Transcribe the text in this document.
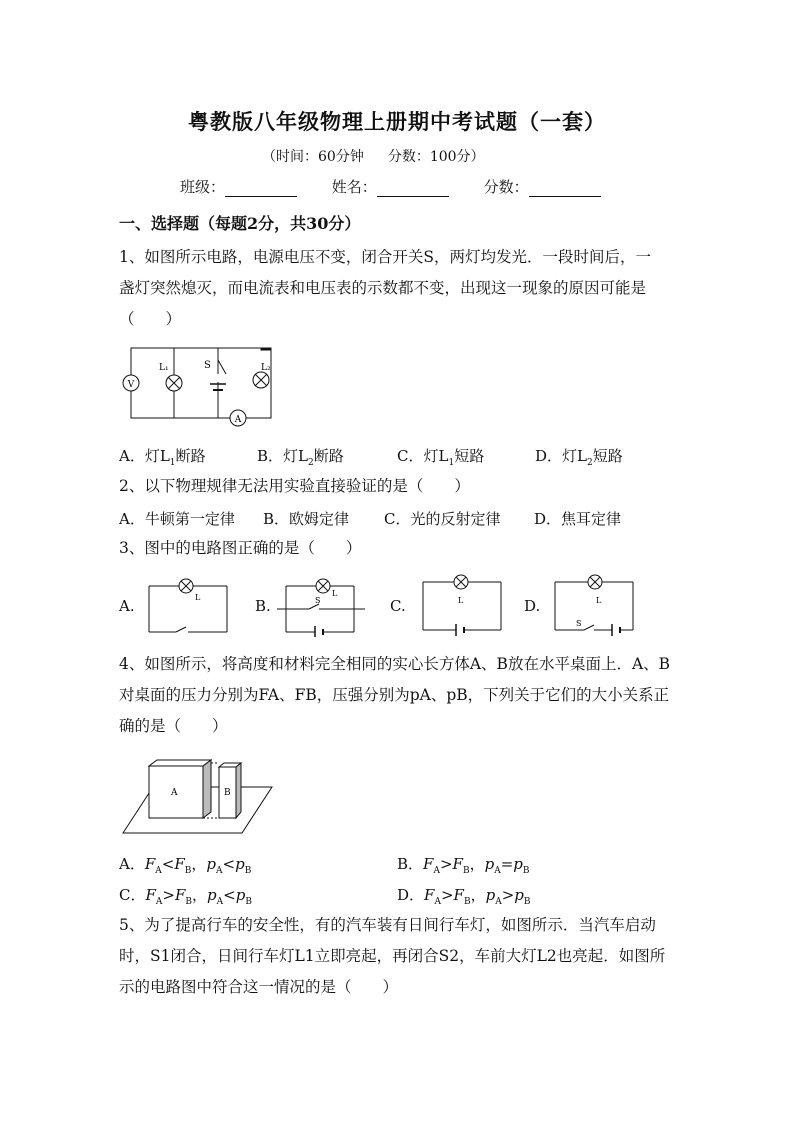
粤教版八年级物理上册期中考试题（一套）
（时间：60分钟 分数：100分）
班级：	姓名：	分数：
一、选择题（每题2分，共30分）
1、如图所示电路，电源电压不变，闭合开关S，两灯均发光．一段时间后，一
盏灯突然熄灭，而电流表和电压表的示数都不变，出现这一现象的原因可能是
（　　）
V
A
L₁	S	L₂
A．灯$L_1$断路	B．灯$L_2$断路	C．灯$L_1$短路	D．灯$L_2$短路
2、以下物理规律无法用实验直接验证的是（　　）
A．牛顿第一定律 B．欧姆定律 C．光的反射定律 D．焦耳定律
3、图中的电路图正确的是（　　）
A.	L	B.	S
L
C.	L	D.	L
S
4、如图所示，将高度和材料完全相同的实心长方体A、B放在水平桌面上．A、B
对桌面的压力分别为FA、FB，压强分别为pA、pB，下列关于它们的大小关系正
确的是（　　）
A	B
A．$F_A<F_B$，$p_A<p_B$	B．$F_A>F_B$，$p_A=p_B$
C．$F_A>F_B$，$p_A<p_B$	D．$F_A>F_B$，$p_A>p_B$
5、为了提高行车的安全性，有的汽车装有日间行车灯，如图所示．当汽车启动
时，S1闭合，日间行车灯L1立即亮起，再闭合S2，车前大灯L2也亮起．如图所
示的电路图中符合这一情况的是（　　）
